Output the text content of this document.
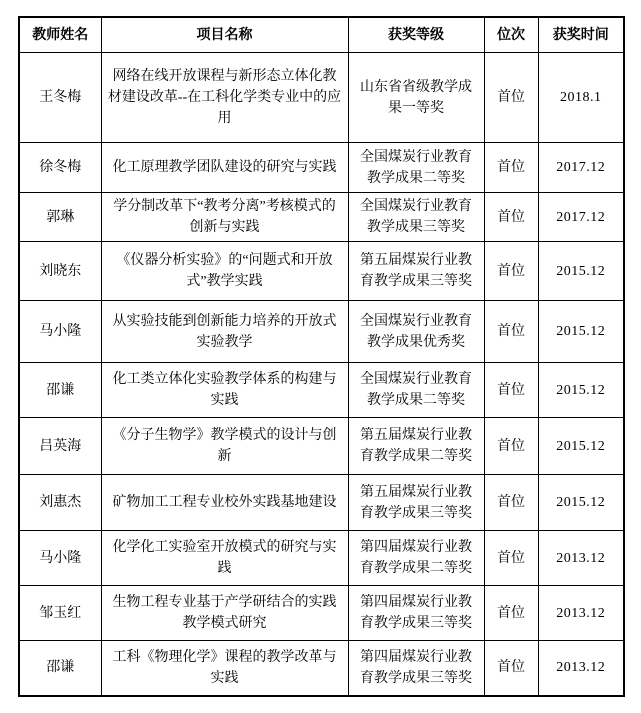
教师姓名	项目名称	获奖等级	位次	获奖时间
王冬梅	网络在线开放课程与新形态立体化教材建设改革--在工科化学类专业中的应用	山东省省级教学成果一等奖	首位	2018.1
徐冬梅	化工原理教学团队建设的研究与实践	全国煤炭行业教育教学成果二等奖	首位	2017.12
郭琳	学分制改革下“教考分离”考核模式的创新与实践	全国煤炭行业教育教学成果三等奖	首位	2017.12
刘晓东	《仪器分析实验》的“问题式和开放式”教学实践	第五届煤炭行业教育教学成果三等奖	首位	2015.12
马小隆	从实验技能到创新能力培养的开放式实验教学	全国煤炭行业教育教学成果优秀奖	首位	2015.12
邵谦	化工类立体化实验教学体系的构建与实践	全国煤炭行业教育教学成果二等奖	首位	2015.12
吕英海	《分子生物学》教学模式的设计与创新	第五届煤炭行业教育教学成果二等奖	首位	2015.12
刘惠杰	矿物加工工程专业校外实践基地建设	第五届煤炭行业教育教学成果三等奖	首位	2015.12
马小隆	化学化工实验室开放模式的研究与实践	第四届煤炭行业教育教学成果二等奖	首位	2013.12
邹玉红	生物工程专业基于产学研结合的实践教学模式研究	第四届煤炭行业教育教学成果三等奖	首位	2013.12
邵谦	工科《物理化学》课程的教学改革与实践	第四届煤炭行业教育教学成果三等奖	首位	2013.12
